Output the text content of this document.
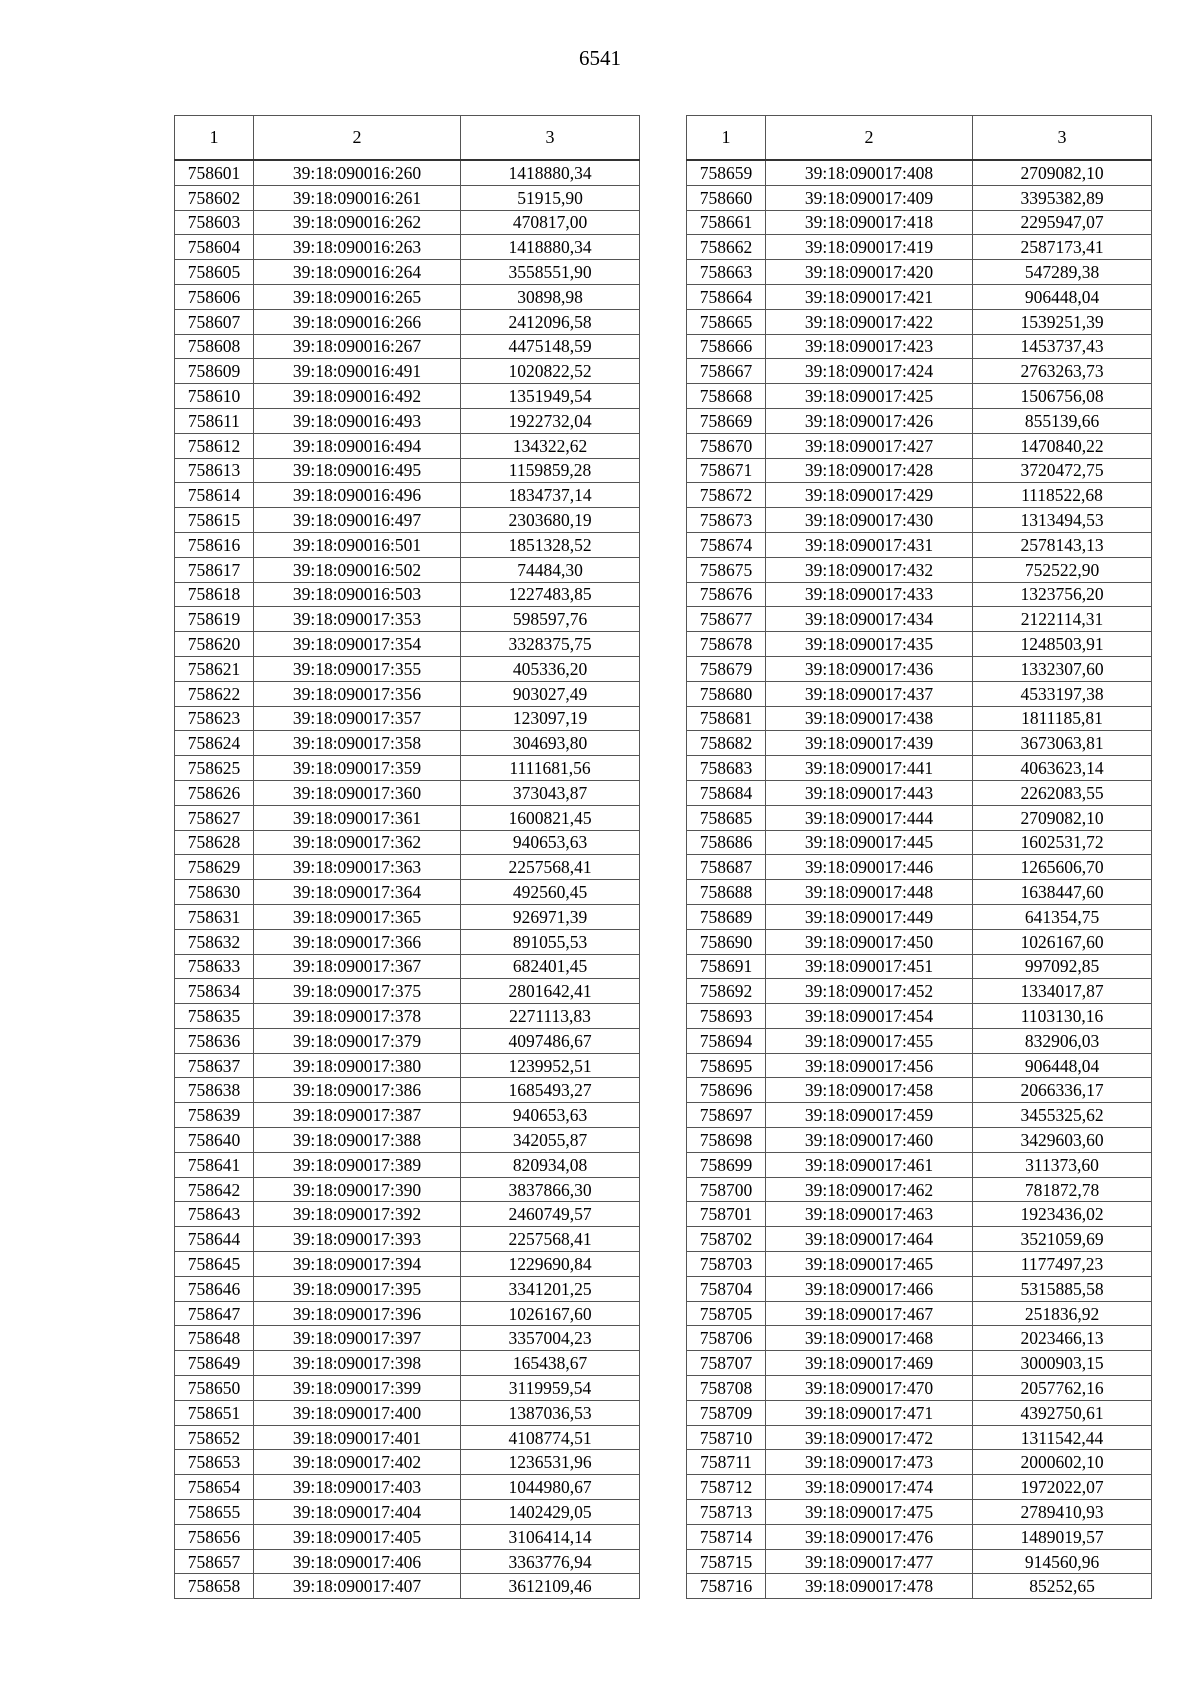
6541
1	2	3
758601	39:18:090016:260	1418880,34
758602	39:18:090016:261	51915,90
758603	39:18:090016:262	470817,00
758604	39:18:090016:263	1418880,34
758605	39:18:090016:264	3558551,90
758606	39:18:090016:265	30898,98
758607	39:18:090016:266	2412096,58
758608	39:18:090016:267	4475148,59
758609	39:18:090016:491	1020822,52
758610	39:18:090016:492	1351949,54
758611	39:18:090016:493	1922732,04
758612	39:18:090016:494	134322,62
758613	39:18:090016:495	1159859,28
758614	39:18:090016:496	1834737,14
758615	39:18:090016:497	2303680,19
758616	39:18:090016:501	1851328,52
758617	39:18:090016:502	74484,30
758618	39:18:090016:503	1227483,85
758619	39:18:090017:353	598597,76
758620	39:18:090017:354	3328375,75
758621	39:18:090017:355	405336,20
758622	39:18:090017:356	903027,49
758623	39:18:090017:357	123097,19
758624	39:18:090017:358	304693,80
758625	39:18:090017:359	1111681,56
758626	39:18:090017:360	373043,87
758627	39:18:090017:361	1600821,45
758628	39:18:090017:362	940653,63
758629	39:18:090017:363	2257568,41
758630	39:18:090017:364	492560,45
758631	39:18:090017:365	926971,39
758632	39:18:090017:366	891055,53
758633	39:18:090017:367	682401,45
758634	39:18:090017:375	2801642,41
758635	39:18:090017:378	2271113,83
758636	39:18:090017:379	4097486,67
758637	39:18:090017:380	1239952,51
758638	39:18:090017:386	1685493,27
758639	39:18:090017:387	940653,63
758640	39:18:090017:388	342055,87
758641	39:18:090017:389	820934,08
758642	39:18:090017:390	3837866,30
758643	39:18:090017:392	2460749,57
758644	39:18:090017:393	2257568,41
758645	39:18:090017:394	1229690,84
758646	39:18:090017:395	3341201,25
758647	39:18:090017:396	1026167,60
758648	39:18:090017:397	3357004,23
758649	39:18:090017:398	165438,67
758650	39:18:090017:399	3119959,54
758651	39:18:090017:400	1387036,53
758652	39:18:090017:401	4108774,51
758653	39:18:090017:402	1236531,96
758654	39:18:090017:403	1044980,67
758655	39:18:090017:404	1402429,05
758656	39:18:090017:405	3106414,14
758657	39:18:090017:406	3363776,94
758658	39:18:090017:407	3612109,46
1	2	3
758659	39:18:090017:408	2709082,10
758660	39:18:090017:409	3395382,89
758661	39:18:090017:418	2295947,07
758662	39:18:090017:419	2587173,41
758663	39:18:090017:420	547289,38
758664	39:18:090017:421	906448,04
758665	39:18:090017:422	1539251,39
758666	39:18:090017:423	1453737,43
758667	39:18:090017:424	2763263,73
758668	39:18:090017:425	1506756,08
758669	39:18:090017:426	855139,66
758670	39:18:090017:427	1470840,22
758671	39:18:090017:428	3720472,75
758672	39:18:090017:429	1118522,68
758673	39:18:090017:430	1313494,53
758674	39:18:090017:431	2578143,13
758675	39:18:090017:432	752522,90
758676	39:18:090017:433	1323756,20
758677	39:18:090017:434	2122114,31
758678	39:18:090017:435	1248503,91
758679	39:18:090017:436	1332307,60
758680	39:18:090017:437	4533197,38
758681	39:18:090017:438	1811185,81
758682	39:18:090017:439	3673063,81
758683	39:18:090017:441	4063623,14
758684	39:18:090017:443	2262083,55
758685	39:18:090017:444	2709082,10
758686	39:18:090017:445	1602531,72
758687	39:18:090017:446	1265606,70
758688	39:18:090017:448	1638447,60
758689	39:18:090017:449	641354,75
758690	39:18:090017:450	1026167,60
758691	39:18:090017:451	997092,85
758692	39:18:090017:452	1334017,87
758693	39:18:090017:454	1103130,16
758694	39:18:090017:455	832906,03
758695	39:18:090017:456	906448,04
758696	39:18:090017:458	2066336,17
758697	39:18:090017:459	3455325,62
758698	39:18:090017:460	3429603,60
758699	39:18:090017:461	311373,60
758700	39:18:090017:462	781872,78
758701	39:18:090017:463	1923436,02
758702	39:18:090017:464	3521059,69
758703	39:18:090017:465	1177497,23
758704	39:18:090017:466	5315885,58
758705	39:18:090017:467	251836,92
758706	39:18:090017:468	2023466,13
758707	39:18:090017:469	3000903,15
758708	39:18:090017:470	2057762,16
758709	39:18:090017:471	4392750,61
758710	39:18:090017:472	1311542,44
758711	39:18:090017:473	2000602,10
758712	39:18:090017:474	1972022,07
758713	39:18:090017:475	2789410,93
758714	39:18:090017:476	1489019,57
758715	39:18:090017:477	914560,96
758716	39:18:090017:478	85252,65
